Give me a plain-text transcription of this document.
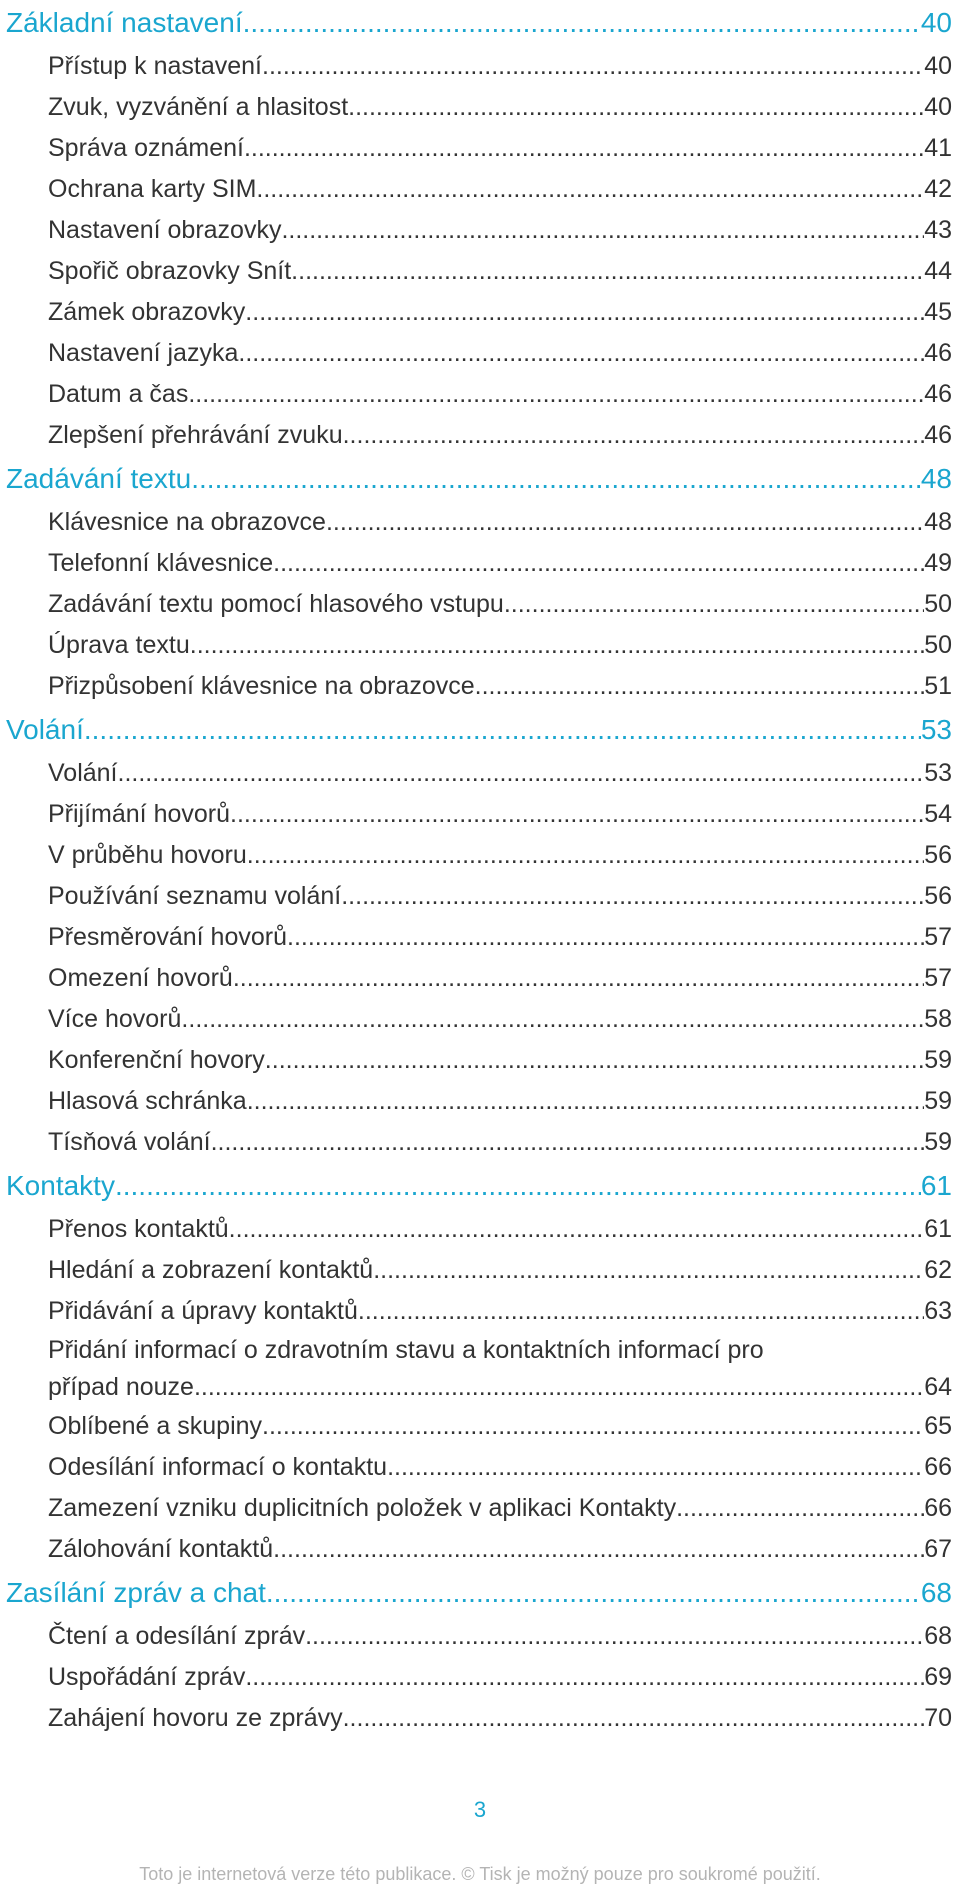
Základní nastavení .....	40
Přístup k nastavení .....	40
Zvuk, vyzvánění a hlasitost .....	40
Správa oznámení .....	41
Ochrana karty SIM .....	42
Nastavení obrazovky .....	43
Spořič obrazovky Snít .....	44
Zámek obrazovky .....	45
Nastavení jazyka .....	46
Datum a čas .....	46
Zlepšení přehrávání zvuku .....	46
Zadávání textu .....	48
Klávesnice na obrazovce .....	48
Telefonní klávesnice .....	49
Zadávání textu pomocí hlasového vstupu .....	50
Úprava textu .....	50
Přizpůsobení klávesnice na obrazovce .....	51
Volání .....	53
Volání .....	53
Přijímání hovorů .....	54
V průběhu hovoru .....	56
Používání seznamu volání .....	56
Přesměrování hovorů .....	57
Omezení hovorů .....	57
Více hovorů .....	58
Konferenční hovory .....	59
Hlasová schránka .....	59
Tísňová volání .....	59
Kontakty .....	61
Přenos kontaktů .....	61
Hledání a zobrazení kontaktů .....	62
Přidávání a úpravy kontaktů .....	63
Přidání informací o zdravotním stavu a kontaktních informací pro
případ nouze .....	64
Oblíbené a skupiny .....	65
Odesílání informací o kontaktu .....	66
Zamezení vzniku duplicitních položek v aplikaci Kontakty .....	66
Zálohování kontaktů .....	67
Zasílání zpráv a chat .....	68
Čtení a odesílání zpráv .....	68
Uspořádání zpráv .....	69
Zahájení hovoru ze zprávy .....	70
3
Toto je internetová verze této publikace. © Tisk je možný pouze pro soukromé použití.
